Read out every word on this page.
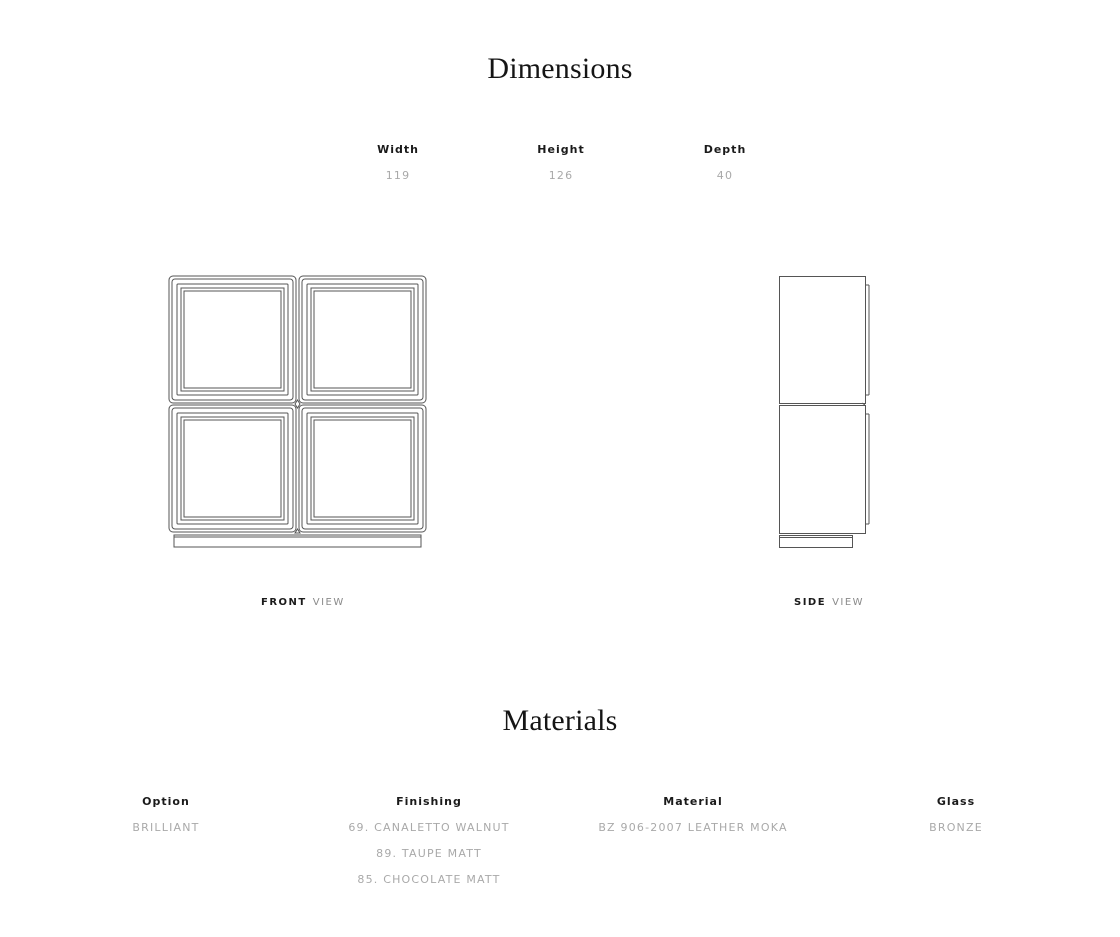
Dimensions
Width
119
Height
126
Depth
40
FRONT VIEW	SIDE VIEW
Materials
Option
BRILLIANT
Finishing
69. CANALETTO WALNUT
89. TAUPE MATT
85. CHOCOLATE MATT
Material
BZ 906-2007 LEATHER MOKA
Glass
BRONZE
